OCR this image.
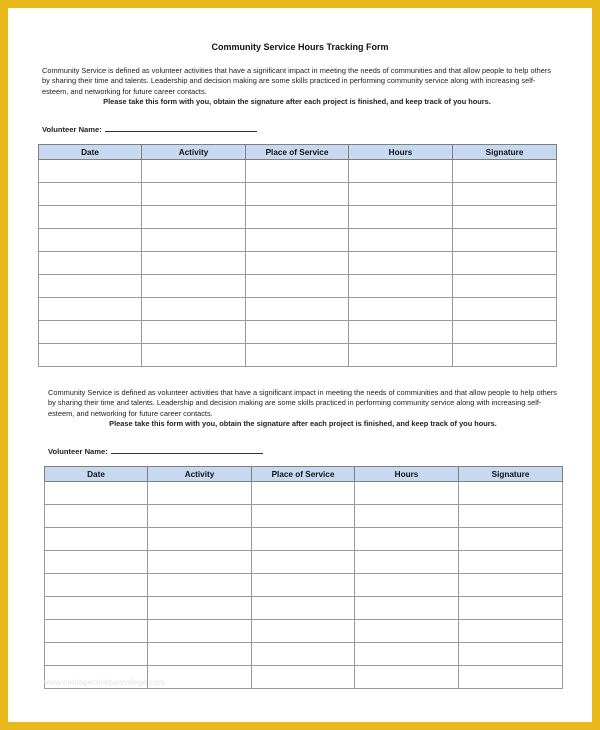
Community Service Hours Tracking Form
Community Service is defined as volunteer activities that have a significant impact in meeting the needs of communities and that allow people to help others by sharing their time and talents. Leadership and decision making are some skills practiced in performing community service along with increasing self-esteem, and networking for future career contacts.
Please take this form with you, obtain the signature after each project is finished, and keep track of you hours.
Volunteer Name:
Date	Activity	Place of Service	Hours	Signature

Community Service is defined as volunteer activities that have a significant impact in meeting the needs of communities and that allow people to help others by sharing their time and talents. Leadership and decision making are some skills practiced in performing community service along with increasing self-esteem, and networking for future career contacts.
Please take this form with you, obtain the signature after each project is finished, and keep track of you hours.
Volunteer Name:
Date	Activity	Place of Service	Hours	Signature

www.heritagechristiancollege.com
